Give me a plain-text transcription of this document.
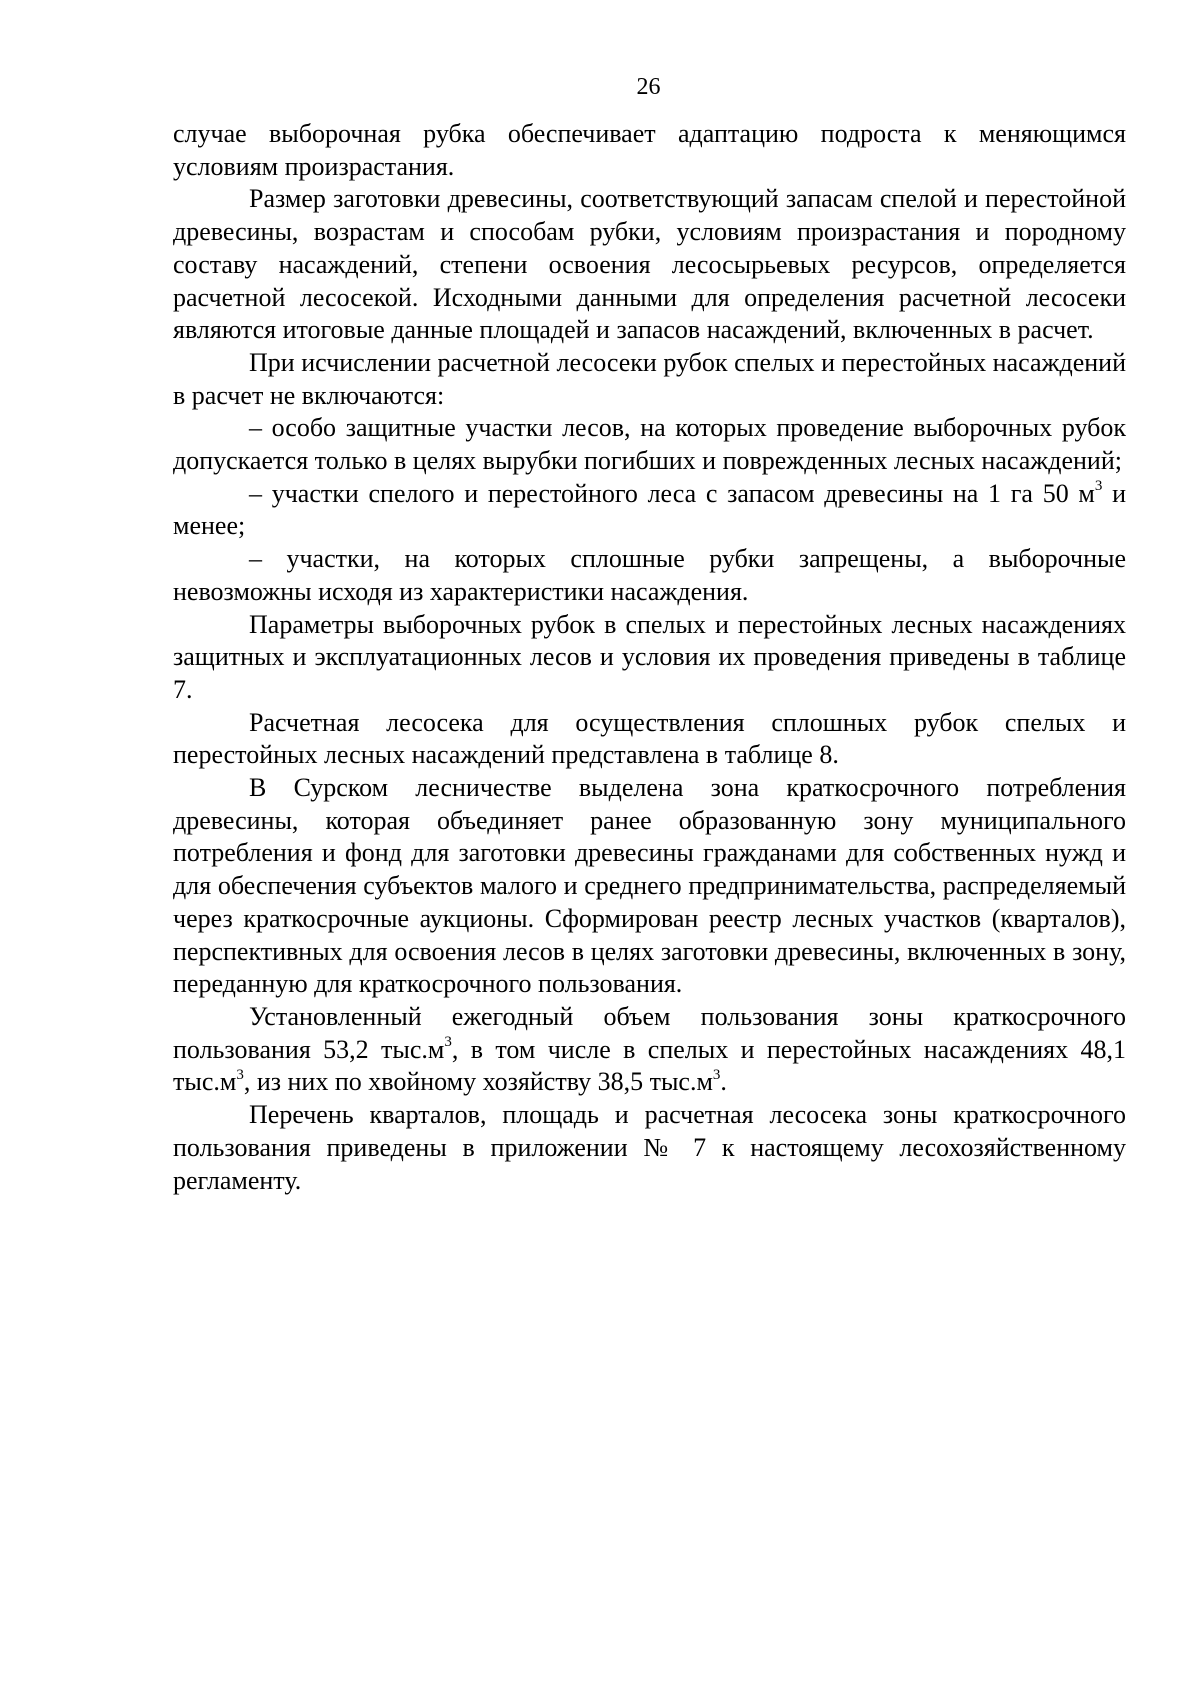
26

случае выборочная рубка обеспечивает адаптацию подроста к меняющимся условиям произрастания.

Размер заготовки древесины, соответствующий запасам спелой и перестойной древесины, возрастам и способам рубки, условиям произрастания и породному составу насаждений, степени освоения лесосырьевых ресурсов, определяется расчетной лесосекой. Исходными данными для определения расчетной лесосеки являются итоговые данные площадей и запасов насаждений, включенных в расчет.

При исчислении расчетной лесосеки рубок спелых и перестойных насаждений в расчет не включаются:

– особо защитные участки лесов, на которых проведение выборочных рубок допускается только в целях вырубки погибших и поврежденных лесных насаждений;

– участки спелого и перестойного леса с запасом древесины на 1 га 50 $м^3$ и менее;

– участки, на которых сплошные рубки запрещены, а выборочные невозможны исходя из характеристики насаждения.

Параметры выборочных рубок в спелых и перестойных лесных насаждениях защитных и эксплуатационных лесов и условия их проведения приведены в таблице 7.

Расчетная лесосека для осуществления сплошных рубок спелых и перестойных лесных насаждений представлена в таблице 8.

В Сурском лесничестве выделена зона краткосрочного потребления древесины, которая объединяет ранее образованную зону муниципального потребления и фонд для заготовки древесины гражданами для собственных нужд и для обеспечения субъектов малого и среднего предпринимательства, распределяемый через краткосрочные аукционы. Сформирован реестр лесных участков (кварталов), перспективных для освоения лесов в целях заготовки древесины, включенных в зону, переданную для краткосрочного пользования.

Установленный ежегодный объем пользования зоны краткосрочного пользования 53,2 $тыс.м^3$, в том числе в спелых и перестойных насаждениях 48,1 $тыс.м^3$, из них по хвойному хозяйству 38,5 $тыс.м^3$.

Перечень кварталов, площадь и расчетная лесосека зоны краткосрочного пользования приведены в приложении № 7 к настоящему лесохозяйственному регламенту.
